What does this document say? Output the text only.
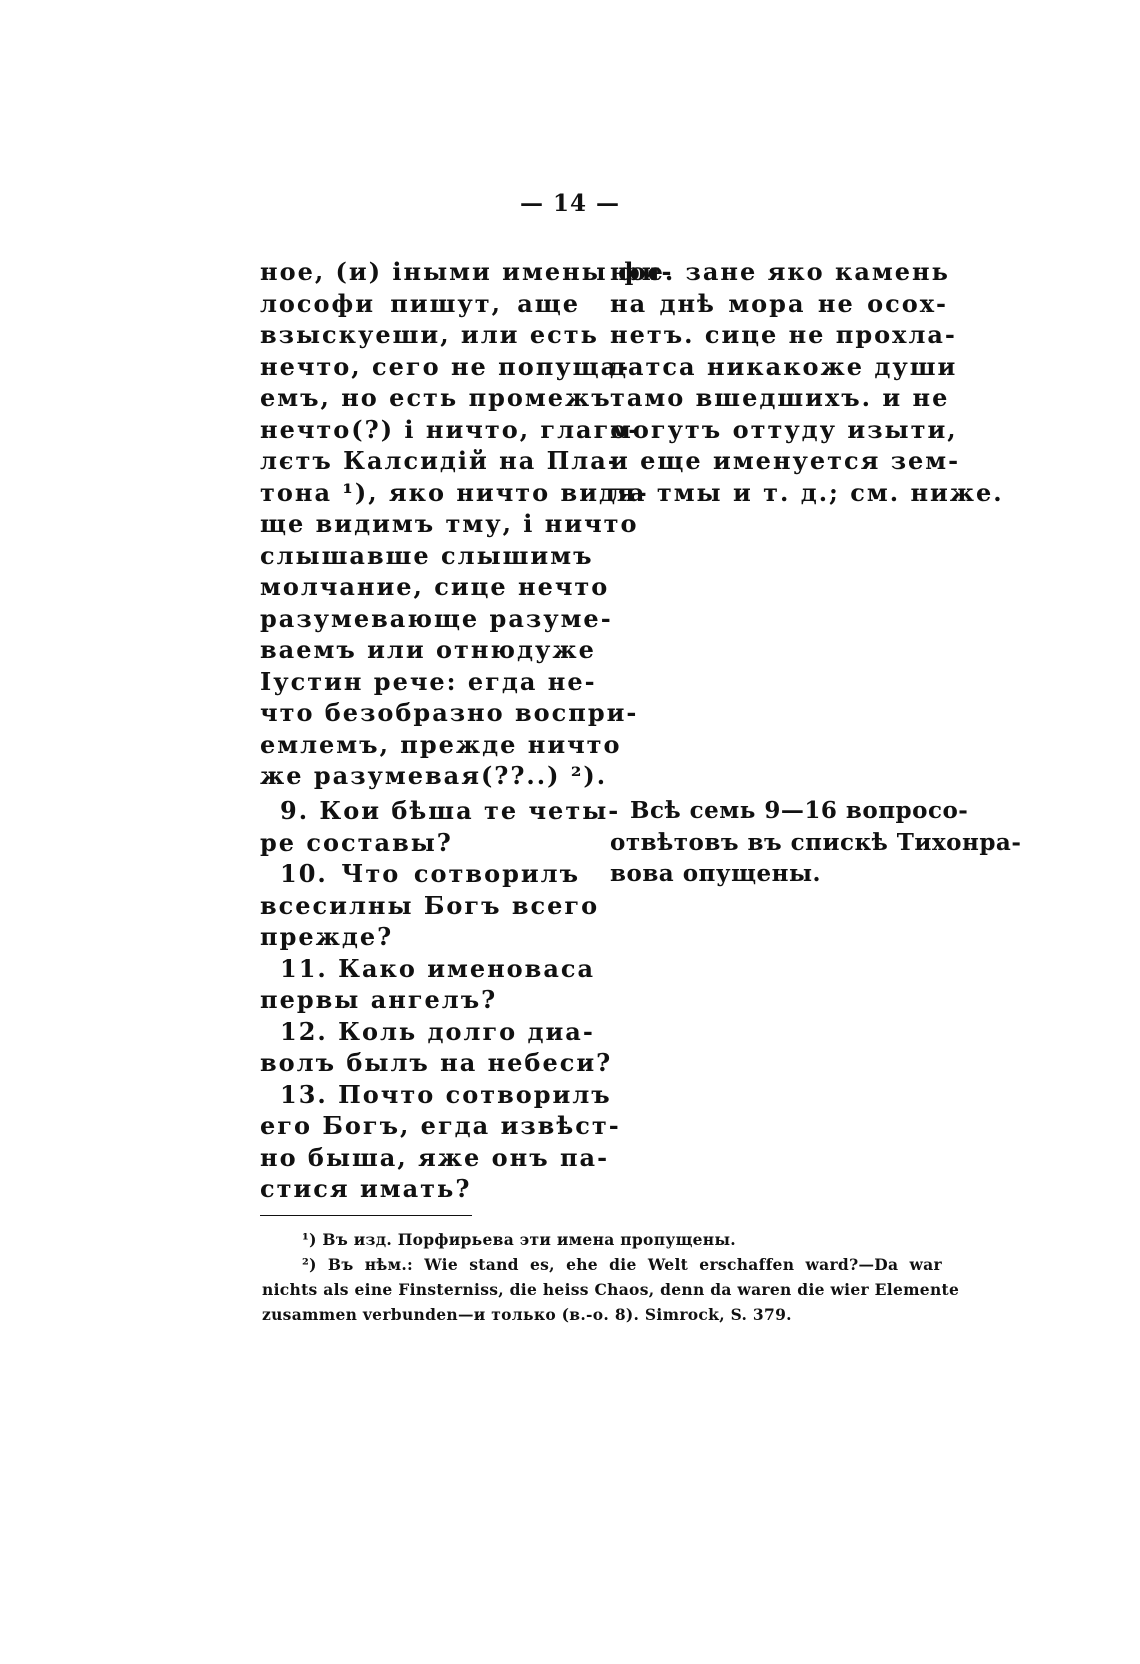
— 14 —
ное, (и) іными имены фи-
лософи пишут, аще
взыскуеши, или есть
нечто, сего не попуща-
емъ, но есть промежъ
нечто(?) і ничто, глаго-
лєтъ Калсидій на Пла-
тона ¹), яко ничто видя-
ще видимъ тму, і ничто
слышавше слышимъ
молчание, сице нечто
разумевающе разуме-
ваемъ или отнюдуже
Іустин рече: егда не-
что безобразно воспри-
емлемъ, прежде ничто
же разумевая(??..) ²).
ное. зане яко камень
на днѣ мора не осох-
нетъ. сице не прохла-
датса никакоже души
тамо вшедшихъ. и не
могутъ оттуду изыти,
и еще именуется зем-
ла тмы и т. д.; см. ниже.
9. Кои бѣша те четы-
ре составы?
10. Что сотворилъ
всесилны Богъ всего
прежде?
11. Како именоваса
первы ангелъ?
12. Коль долго диа-
волъ былъ на небеси?
13. Почто сотворилъ
его Богъ, егда извѣст-
но быша, яже онъ па-
стися имать?
Всѣ семь 9—16 вопросо-
отвѣтовъ въ спискѣ Тихонра-
вова опущены.
¹) Въ изд. Порфирьева эти имена пропущены.
²) Въ нѣм.: Wie stand es, ehe die Welt erschaffen ward?—Da war
nichts als eine Finsterniss, die heiss Chaos, denn da waren die wier Elemente
zusammen verbunden—и только (в.-о. 8). Simrock, S. 379.
